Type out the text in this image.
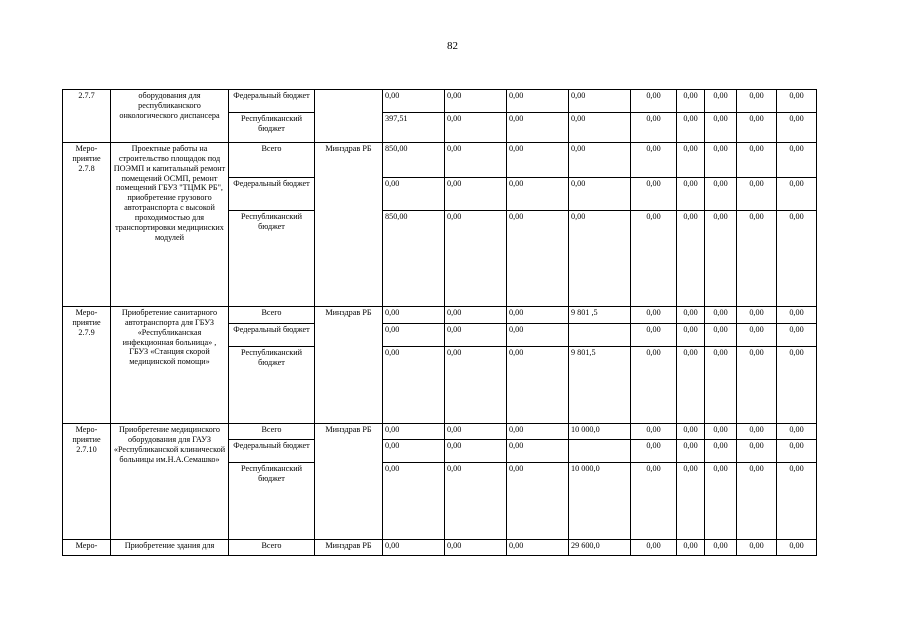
82
2.7.7	оборудования для республиканского онкологического диспансера	Федеральный бюджет		0,00	0,00	0,00	0,00	0,00	0,00	0,00	0,00	0,00
		Республиканский бюджет		397,51	0,00	0,00	0,00	0,00	0,00	0,00	0,00	0,00
Меро-приятие 2.7.8	Проектные работы на строительство площадок под ПОЭМП и капитальный ремонт помещений ОСМП, ремонт помещений ГБУЗ "ТЦМК РБ", приобретение грузового автотранспорта с высокой проходимостью для транспортировки медицинских модулей	Всего	Минздрав РБ	850,00	0,00	0,00	0,00	0,00	0,00	0,00	0,00	0,00
		Федеральный бюджет		0,00	0,00	0,00	0,00	0,00	0,00	0,00	0,00	0,00
		Республиканский бюджет		850,00	0,00	0,00	0,00	0,00	0,00	0,00	0,00	0,00
Меро-приятие 2.7.9	Приобретение санитарного автотранспорта для ГБУЗ «Республиканская инфекционная больница» , ГБУЗ «Станция скорой медицинской помощи»	Всего	Минздрав РБ	0,00	0,00	0,00	9 801 ,5	0,00	0,00	0,00	0,00	0,00
		Федеральный бюджет		0,00	0,00	0,00		0,00	0,00	0,00	0,00	0,00
		Республиканский бюджет		0,00	0,00	0,00	9 801,5	0,00	0,00	0,00	0,00	0,00
Меро-приятие 2.7.10	Приобретение медицинского оборудования для ГАУЗ «Республиканской клинической больницы им.Н.А.Семашко»	Всего	Минздрав РБ	0,00	0,00	0,00	10 000,0	0,00	0,00	0,00	0,00	0,00
		Федеральный бюджет		0,00	0,00	0,00		0,00	0,00	0,00	0,00	0,00
		Республиканский бюджет		0,00	0,00	0,00	10 000,0	0,00	0,00	0,00	0,00	0,00
Меро-	Приобретение здания для	Всего	Минздрав РБ	0,00	0,00	0,00	29 600,0	0,00	0,00	0,00	0,00	0,00
